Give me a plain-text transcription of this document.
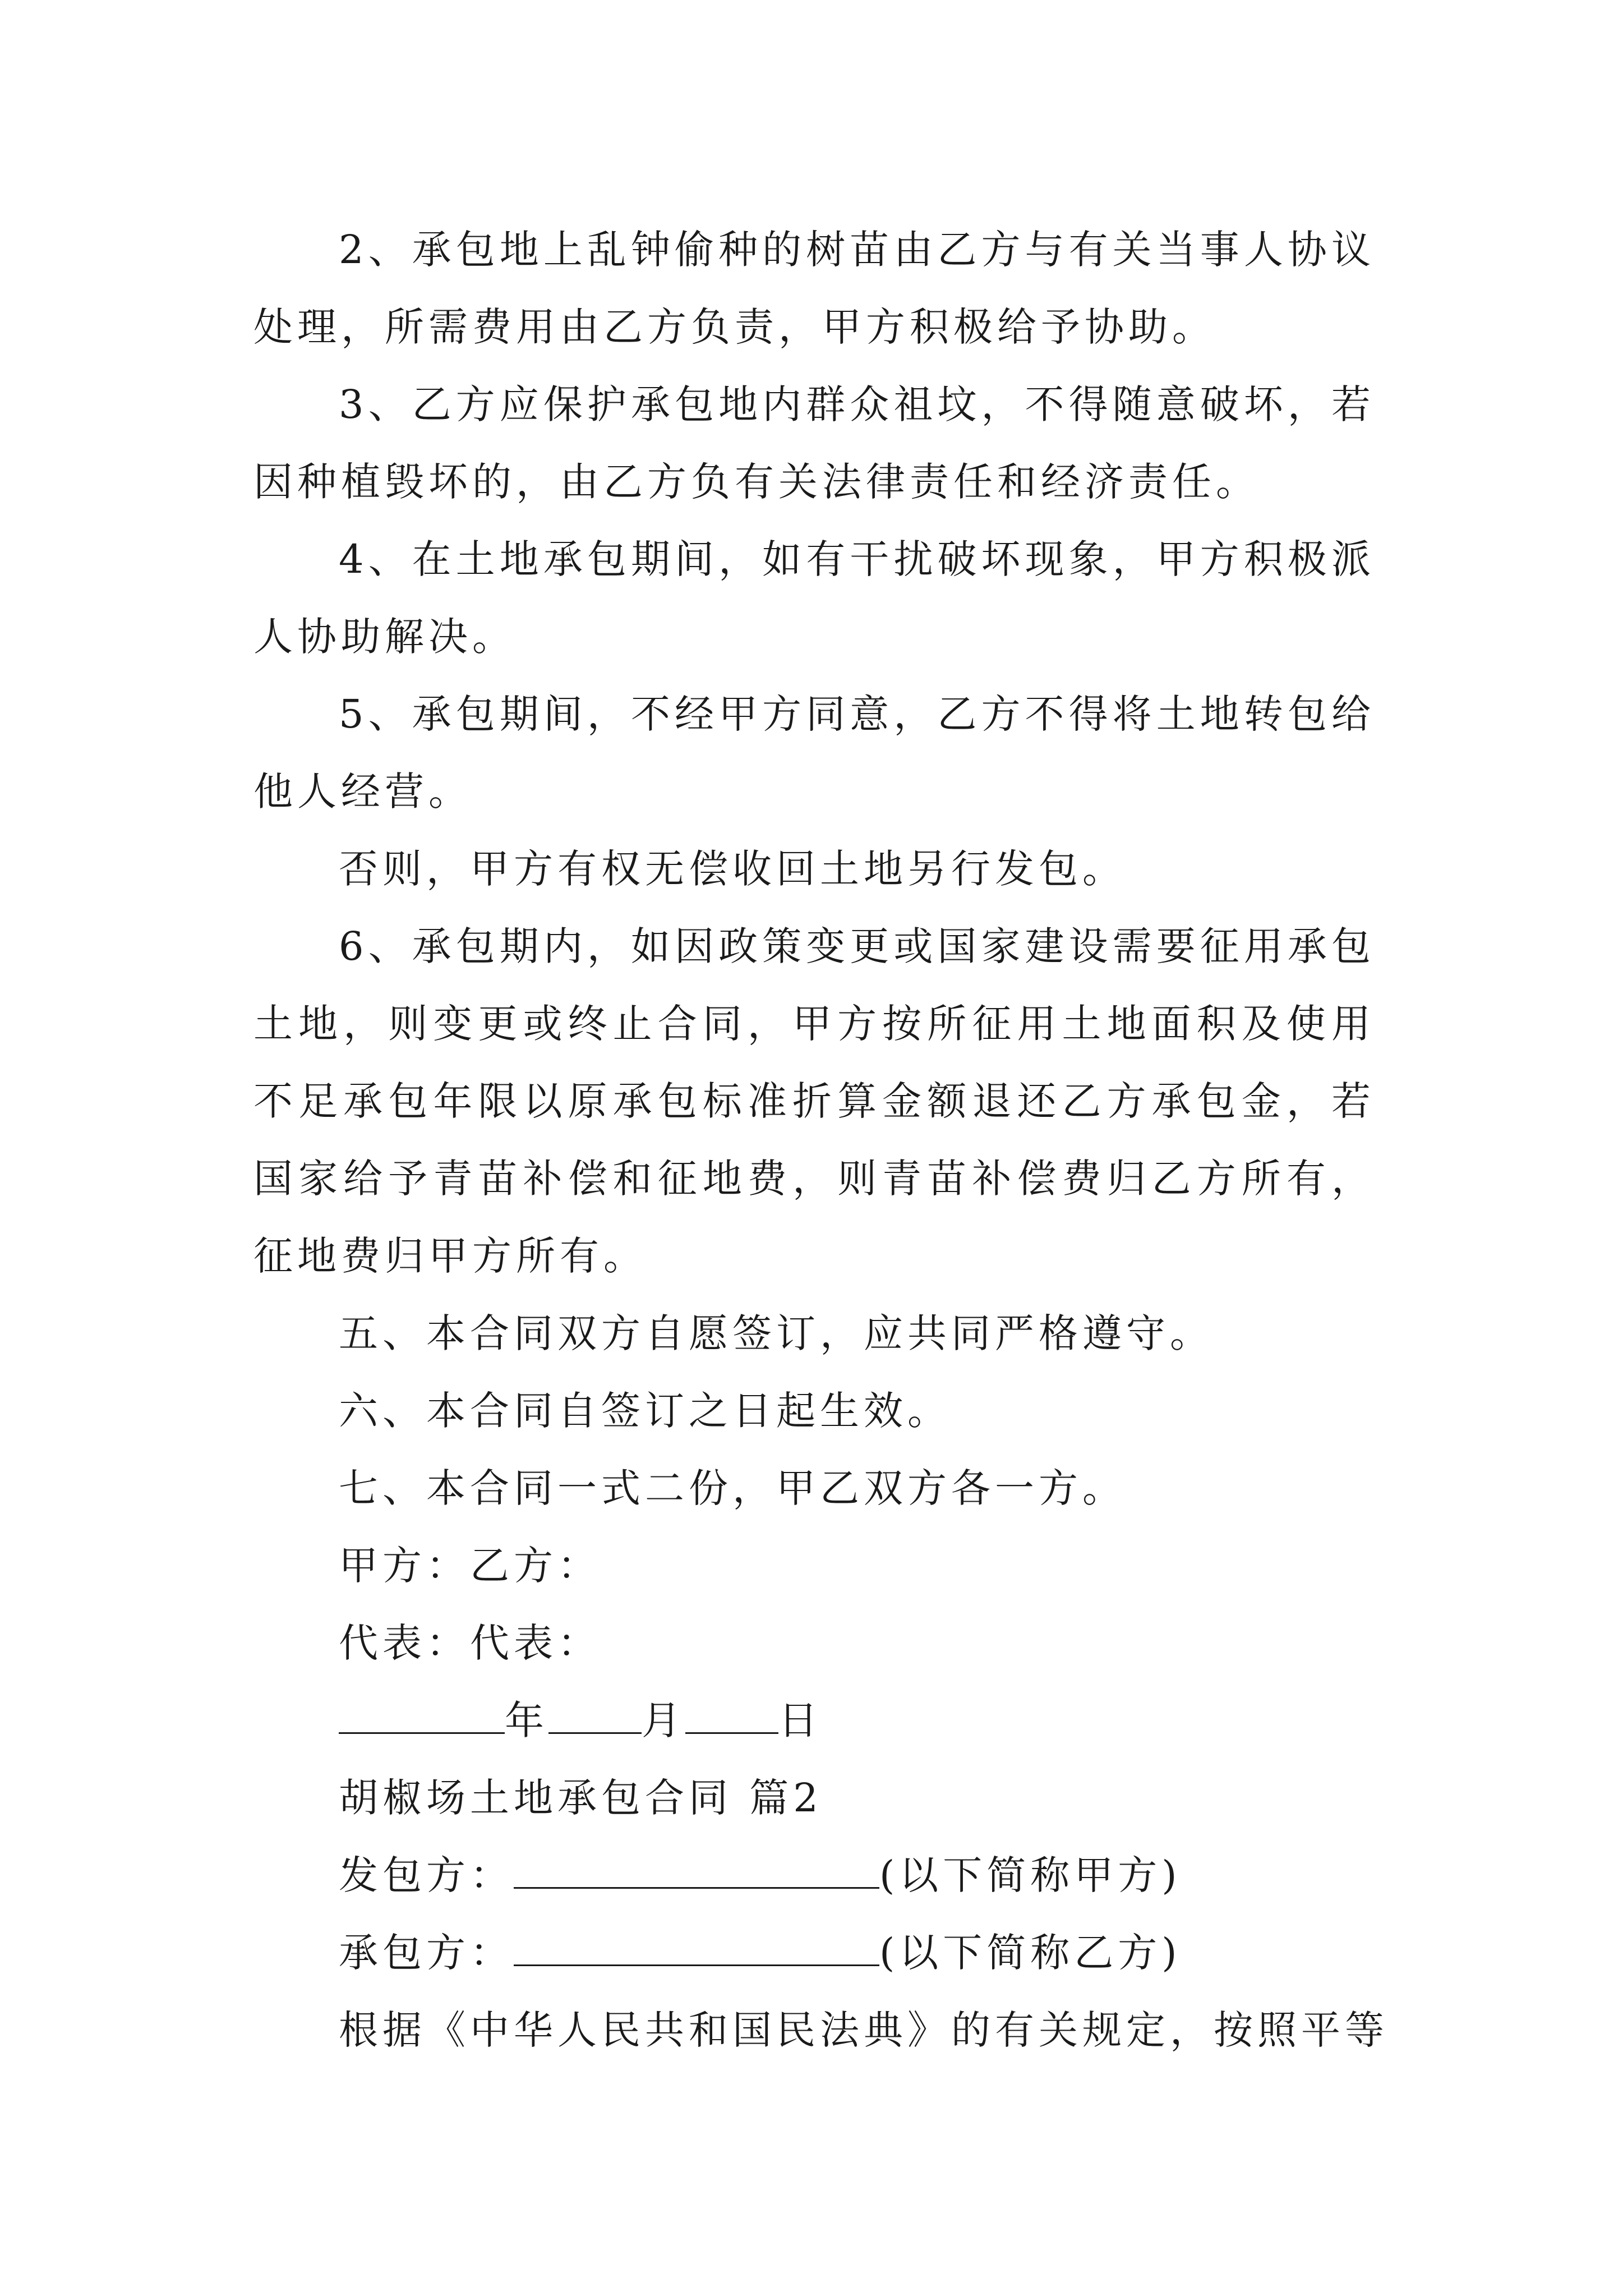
2、承包地上乱钟偷种的树苗由乙方与有关当事人协议处理，所需费用由乙方负责，甲方积极给予协助。

3、乙方应保护承包地内群众祖坟，不得随意破坏，若因种植毁坏的，由乙方负有关法律责任和经济责任。

4、在土地承包期间，如有干扰破坏现象，甲方积极派人协助解决。

5、承包期间，不经甲方同意，乙方不得将土地转包给他人经营。

否则，甲方有权无偿收回土地另行发包。

6、承包期内，如因政策变更或国家建设需要征用承包土地，则变更或终止合同，甲方按所征用土地面积及使用不足承包年限以原承包标准折算金额退还乙方承包金，若国家给予青苗补偿和征地费，则青苗补偿费归乙方所有，征地费归甲方所有。

五、本合同双方自愿签订，应共同严格遵守。

六、本合同自签订之日起生效。

七、本合同一式二份，甲乙双方各一方。

甲方：乙方：

代表：代表：

年 月 日

胡椒场土地承包合同 篇2

发包方：	(以下简称甲方)

承包方：	(以下简称乙方)

根据《中华人民共和国民法典》的有关规定，按照平等
